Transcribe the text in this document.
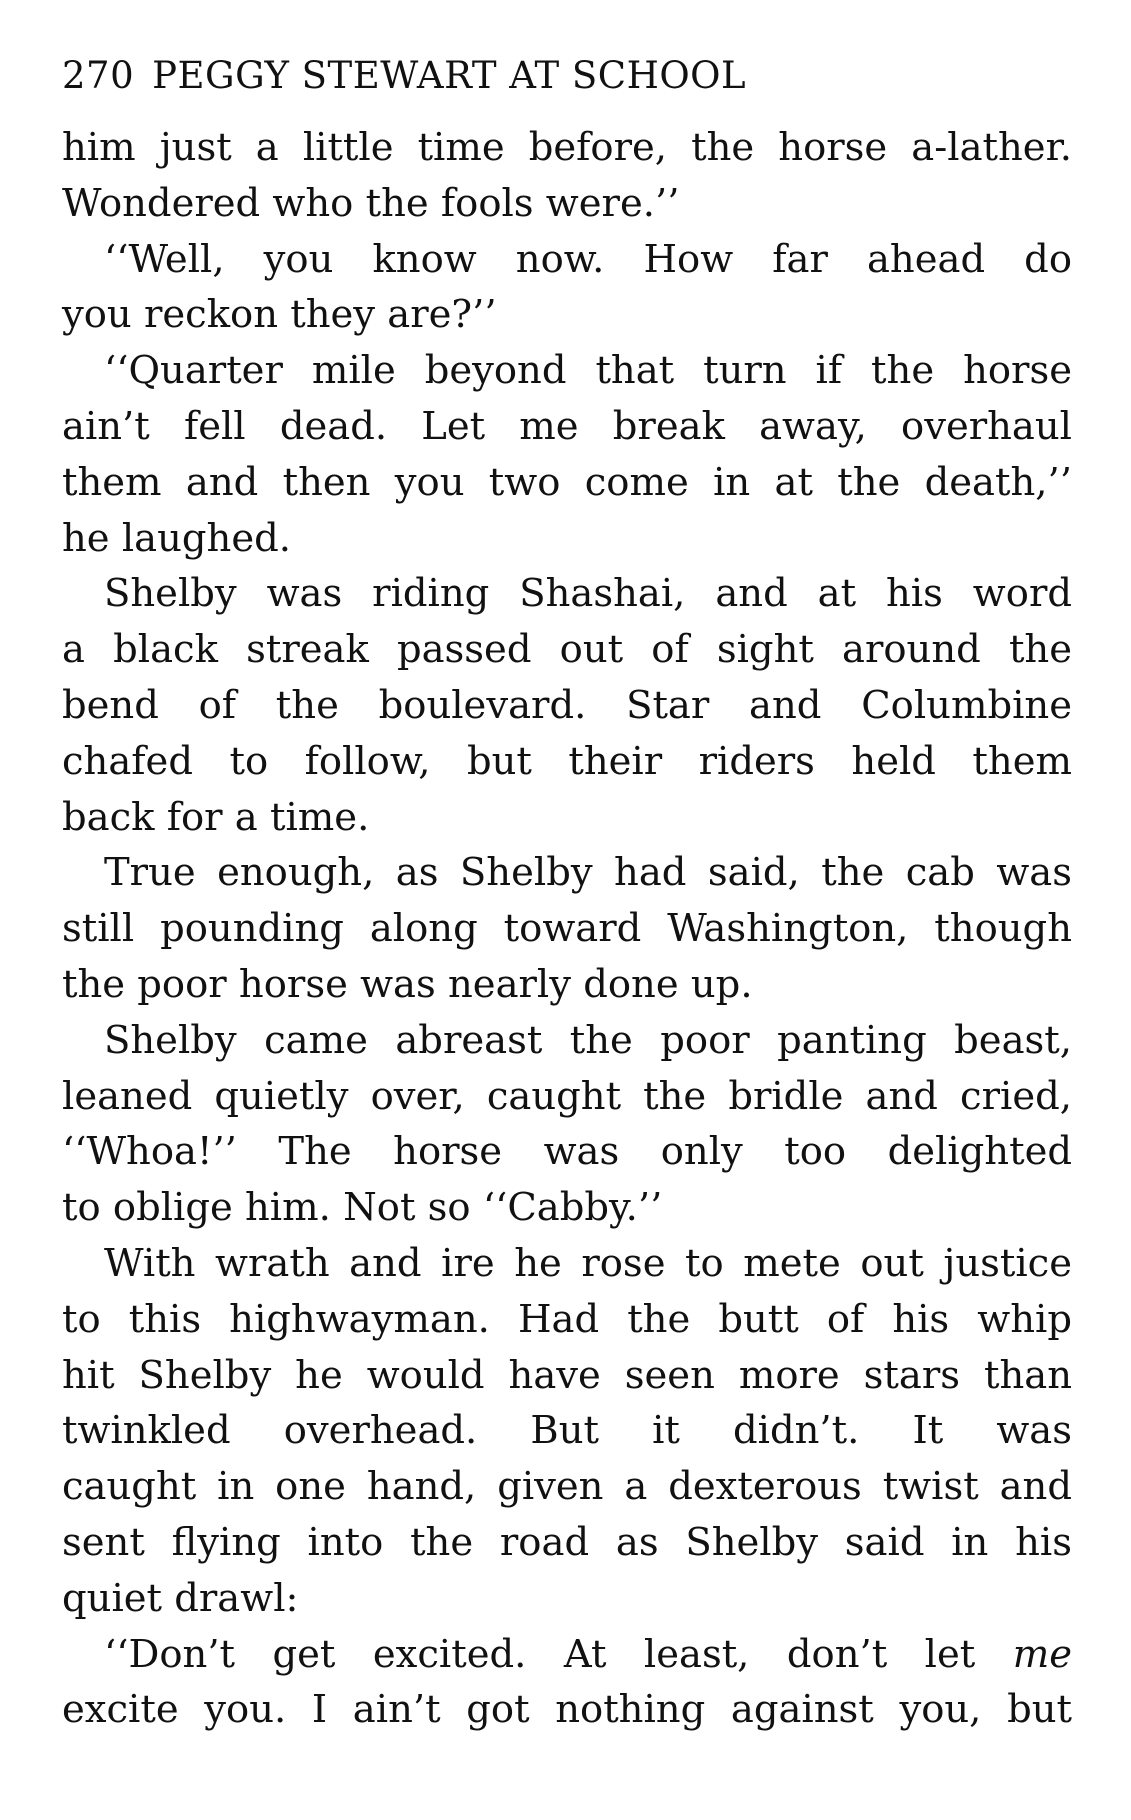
270 PEGGY STEWART AT SCHOOL
him just a little time before, the horse a-lather.
Wondered who the fools were.’’
‘‘Well, you know now. How far ahead do
you reckon they are?’’
‘‘Quarter mile beyond that turn if the horse
ain’t fell dead. Let me break away, overhaul
them and then you two come in at the death,’’
he laughed.
Shelby was riding Shashai, and at his word
a black streak passed out of sight around the
bend of the boulevard. Star and Columbine
chafed to follow, but their riders held them
back for a time.
True enough, as Shelby had said, the cab was
still pounding along toward Washington, though
the poor horse was nearly done up.
Shelby came abreast the poor panting beast,
leaned quietly over, caught the bridle and cried,
‘‘Whoa!’’ The horse was only too delighted
to oblige him. Not so ‘‘Cabby.’’
With wrath and ire he rose to mete out justice
to this highwayman. Had the butt of his whip
hit Shelby he would have seen more stars than
twinkled overhead. But it didn’t. It was
caught in one hand, given a dexterous twist and
sent flying into the road as Shelby said in his
quiet drawl:
‘‘Don’t get excited. At least, don’t let me
excite you. I ain’t got nothing against you, but
